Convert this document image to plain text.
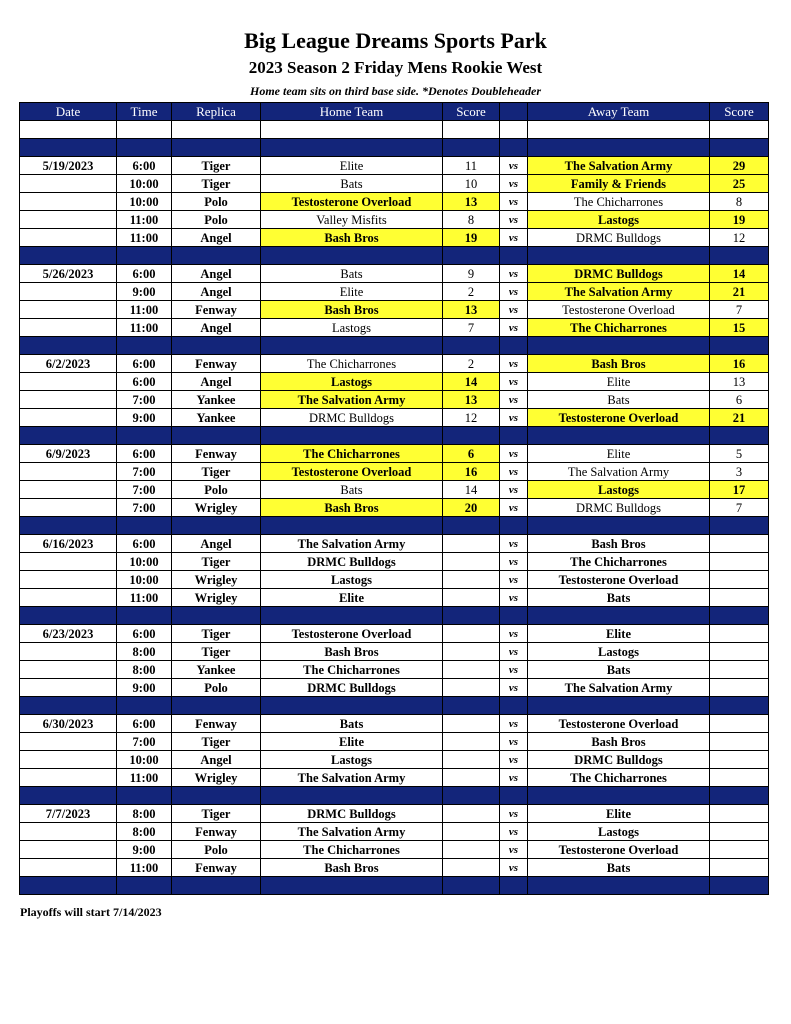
Big League Dreams Sports Park
2023 Season 2 Friday Mens Rookie West
Home team sits on third base side. *Denotes Doubleheader
Date	Time	Replica	Home Team	Score		Away Team	Score

5/19/2023	6:00	Tiger	Elite	11	vs	The Salvation Army	29
	10:00	Tiger	Bats	10	vs	Family & Friends	25
	10:00	Polo	Testosterone Overload	13	vs	The Chicharrones	8
	11:00	Polo	Valley Misfits	8	vs	Lastogs	19
	11:00	Angel	Bash Bros	19	vs	DRMC Bulldogs	12

5/26/2023	6:00	Angel	Bats	9	vs	DRMC Bulldogs	14
	9:00	Angel	Elite	2	vs	The Salvation Army	21
	11:00	Fenway	Bash Bros	13	vs	Testosterone Overload	7
	11:00	Angel	Lastogs	7	vs	The Chicharrones	15

6/2/2023	6:00	Fenway	The Chicharrones	2	vs	Bash Bros	16
	6:00	Angel	Lastogs	14	vs	Elite	13
	7:00	Yankee	The Salvation Army	13	vs	Bats	6
	9:00	Yankee	DRMC Bulldogs	12	vs	Testosterone Overload	21

6/9/2023	6:00	Fenway	The Chicharrones	6	vs	Elite	5
	7:00	Tiger	Testosterone Overload	16	vs	The Salvation Army	3
	7:00	Polo	Bats	14	vs	Lastogs	17
	7:00	Wrigley	Bash Bros	20	vs	DRMC Bulldogs	7

6/16/2023	6:00	Angel	The Salvation Army		vs	Bash Bros	
	10:00	Tiger	DRMC Bulldogs		vs	The Chicharrones	
	10:00	Wrigley	Lastogs		vs	Testosterone Overload	
	11:00	Wrigley	Elite		vs	Bats	

6/23/2023	6:00	Tiger	Testosterone Overload		vs	Elite	
	8:00	Tiger	Bash Bros		vs	Lastogs	
	8:00	Yankee	The Chicharrones		vs	Bats	
	9:00	Polo	DRMC Bulldogs		vs	The Salvation Army	

6/30/2023	6:00	Fenway	Bats		vs	Testosterone Overload	
	7:00	Tiger	Elite		vs	Bash Bros	
	10:00	Angel	Lastogs		vs	DRMC Bulldogs	
	11:00	Wrigley	The Salvation Army		vs	The Chicharrones	

7/7/2023	8:00	Tiger	DRMC Bulldogs		vs	Elite	
	8:00	Fenway	The Salvation Army		vs	Lastogs	
	9:00	Polo	The Chicharrones		vs	Testosterone Overload	
	11:00	Fenway	Bash Bros		vs	Bats	

Playoffs will start 7/14/2023
